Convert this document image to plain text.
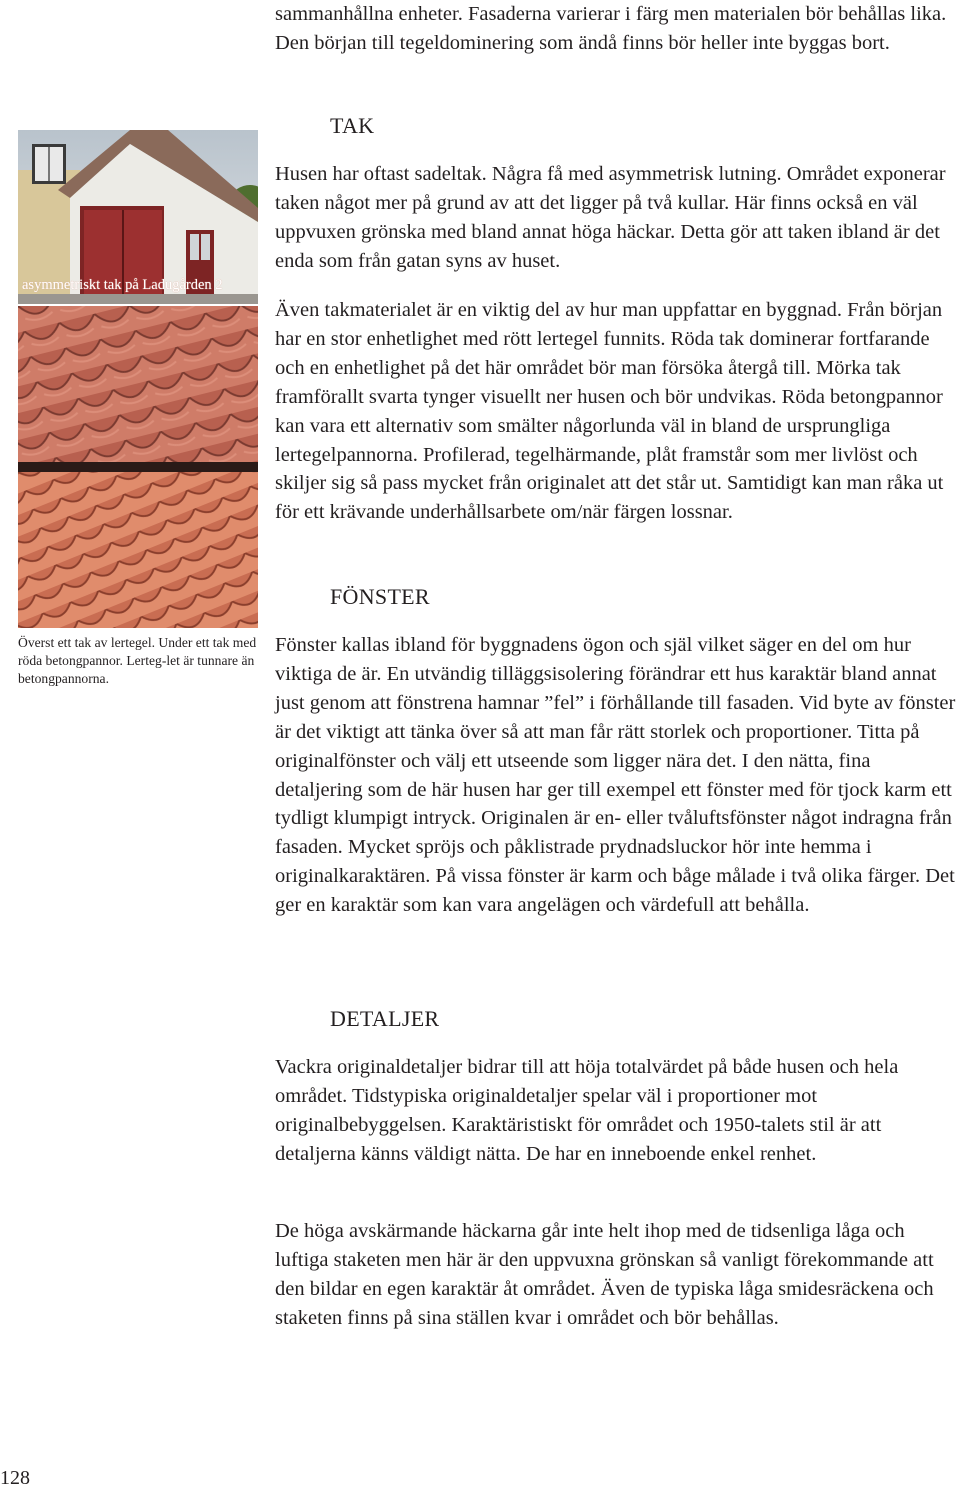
sammanhållna enheter. Fasaderna varierar i färg men materialen bör behållas lika. Den början till tegeldominering som ändå finns bör heller inte byggas bort.

TAK

Husen har oftast sadeltak. Några få med asymmetrisk lutning. Området exponerar taken något mer på grund av att det ligger på två kullar. Här finns också en väl uppvuxen grönska med bland annat höga häckar. Detta gör att taken ibland är det enda som från gatan syns av huset.

Även takmaterialet är en viktig del av hur man uppfattar en byggnad. Från början har en stor enhetlighet med rött lertegel funnits. Röda tak dominerar fortfarande och en enhetlighet på det här området bör man försöka återgå till. Mörka tak framförallt svarta tynger visuellt ner husen och bör undvikas. Röda betongpannor kan vara ett alternativ som smälter någorlunda väl in bland de ursprungliga lertegelpannorna. Profilerad, tegelhärmande, plåt framstår som mer livlöst och skiljer sig så pass mycket från originalet att det står ut. Samtidigt kan man råka ut för ett krävande underhållsarbete om/när färgen lossnar.

FÖNSTER

Fönster kallas ibland för byggnadens ögon och själ vilket säger en del om hur viktiga de är. En utvändig tilläggsisolering förändrar ett hus karaktär bland annat just genom att fönstrena hamnar ”fel” i förhållande till fasaden. Vid byte av fönster är det viktigt att tänka över så att man får rätt storlek och proportioner. Titta på originalfönster och välj ett utseende som ligger nära det. I den nätta, fina detaljering som de här husen har ger till exempel ett fönster med för tjock karm ett tydligt klumpigt intryck. Originalen är en- eller tvåluftsfönster något indragna från fasaden. Mycket spröjs och påklistrade prydnadsluckor hör inte hemma i originalkaraktären. På vissa fönster är karm och båge målade i två olika färger. Det ger en karaktär som kan vara angelägen och värdefull att behålla.

DETALJER

Vackra originaldetaljer bidrar till att höja totalvärdet på både husen och hela området. Tidstypiska originaldetaljer spelar väl i proportioner mot originalbebyggelsen. Karaktäristiskt för området och 1950-talets stil är att detaljerna känns väldigt nätta. De har en inneboende enkel renhet.

De höga avskärmande häckarna går inte helt ihop med de tidsenliga låga och luftiga staketen men här är den uppvuxna grönskan så vanligt förekommande att den bildar en egen karaktär åt området. Även de typiska låga smidesräckena och staketen finns på sina ställen kvar i området och bör behållas.

asymmetriskt tak på Ladugården 2
Överst ett tak av lertegel. Under ett tak med röda betongpannor. Lerteg-let är tunnare än betongpannorna.
128
